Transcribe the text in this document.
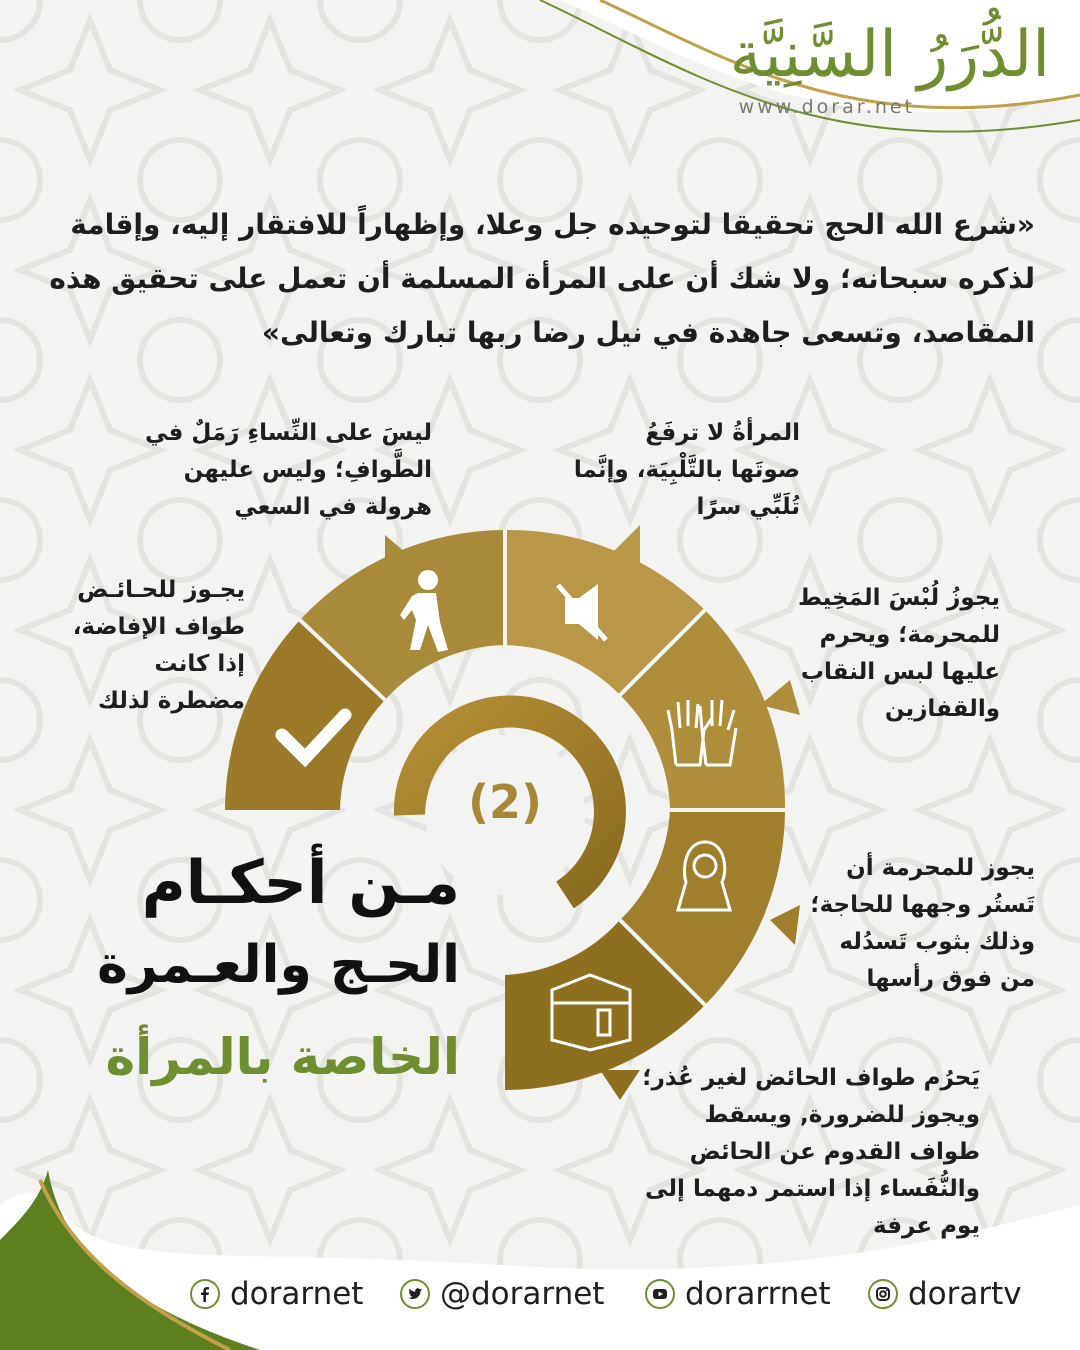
الدُّرَرُ السَّنِيَّة
www.dorar.net
«شرع الله الحج تحقيقا لتوحيده جل وعلا، وإظهاراً للافتقار إليه، وإقامة لذكره سبحانه؛ ولا شك أن على المرأة المسلمة أن تعمل على تحقيق هذه المقاصد، وتسعى جاهدة في نيل رضا ربها تبارك وتعالى»
المرأةُ لا ترفَعُ صوتَها بالتَّلْبِيَة، وإنَّما تُلَبِّي سرًا
ليسَ على النِّساءِ رَمَلٌ في الطَّوافِ؛ وليس عليهن هرولة في السعي
يجـوز للحـائـض طواف الإفاضة، إذا كانت مضطرة لذلك
يجوزُ لُبْسَ المَخِيط للمحرمة؛ ويحرم عليها لبس النقاب والقفازين
يجوز للمحرمة أن تَستُر وجهها للحاجة؛ وذلك بثوب تَسدُله من فوق رأسها
يَحرُم طواف الحائض لغير عُذر؛ ويجوز للضرورة, ويسقط طواف القدوم عن الحائض والنُّفَساء إذا استمر دمهما إلى يوم عرفة
(2)
مـن أحكـام
الحـج والعـمرة
الخاصة بالمرأة
dorarnet @dorarnet	dorarrnet dorartv
